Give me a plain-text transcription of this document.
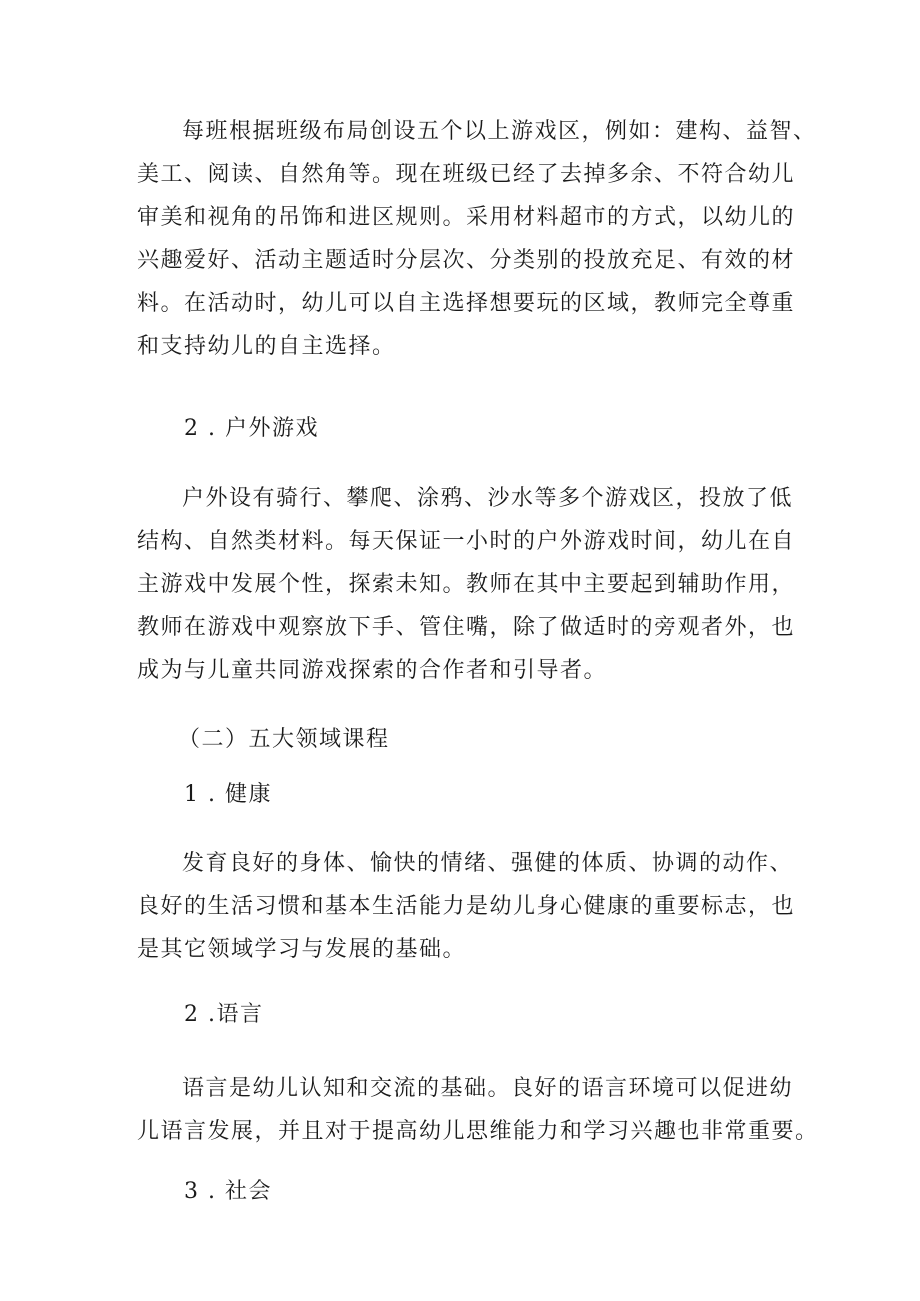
每班根据班级布局创设五个以上游戏区，例如：建构、益智、
美工、阅读、自然角等。现在班级已经了去掉多余、不符合幼儿
审美和视角的吊饰和进区规则。采用材料超市的方式，以幼儿的
兴趣爱好、活动主题适时分层次、分类别的投放充足、有效的材
料。在活动时，幼儿可以自主选择想要玩的区域，教师完全尊重
和支持幼儿的自主选择。
2 . 户外游戏
户外设有骑行、攀爬、涂鸦、沙水等多个游戏区，投放了低
结构、自然类材料。每天保证一小时的户外游戏时间，幼儿在自
主游戏中发展个性，探索未知。教师在其中主要起到辅助作用，
教师在游戏中观察放下手、管住嘴，除了做适时的旁观者外，也
成为与儿童共同游戏探索的合作者和引导者。
（二）五大领域课程
1 . 健康
发育良好的身体、愉快的情绪、强健的体质、协调的动作、
良好的生活习惯和基本生活能力是幼儿身心健康的重要标志，也
是其它领域学习与发展的基础。
2 .语言
语言是幼儿认知和交流的基础。良好的语言环境可以促进幼
儿语言发展，并且对于提高幼儿思维能力和学习兴趣也非常重要。
3 . 社会
